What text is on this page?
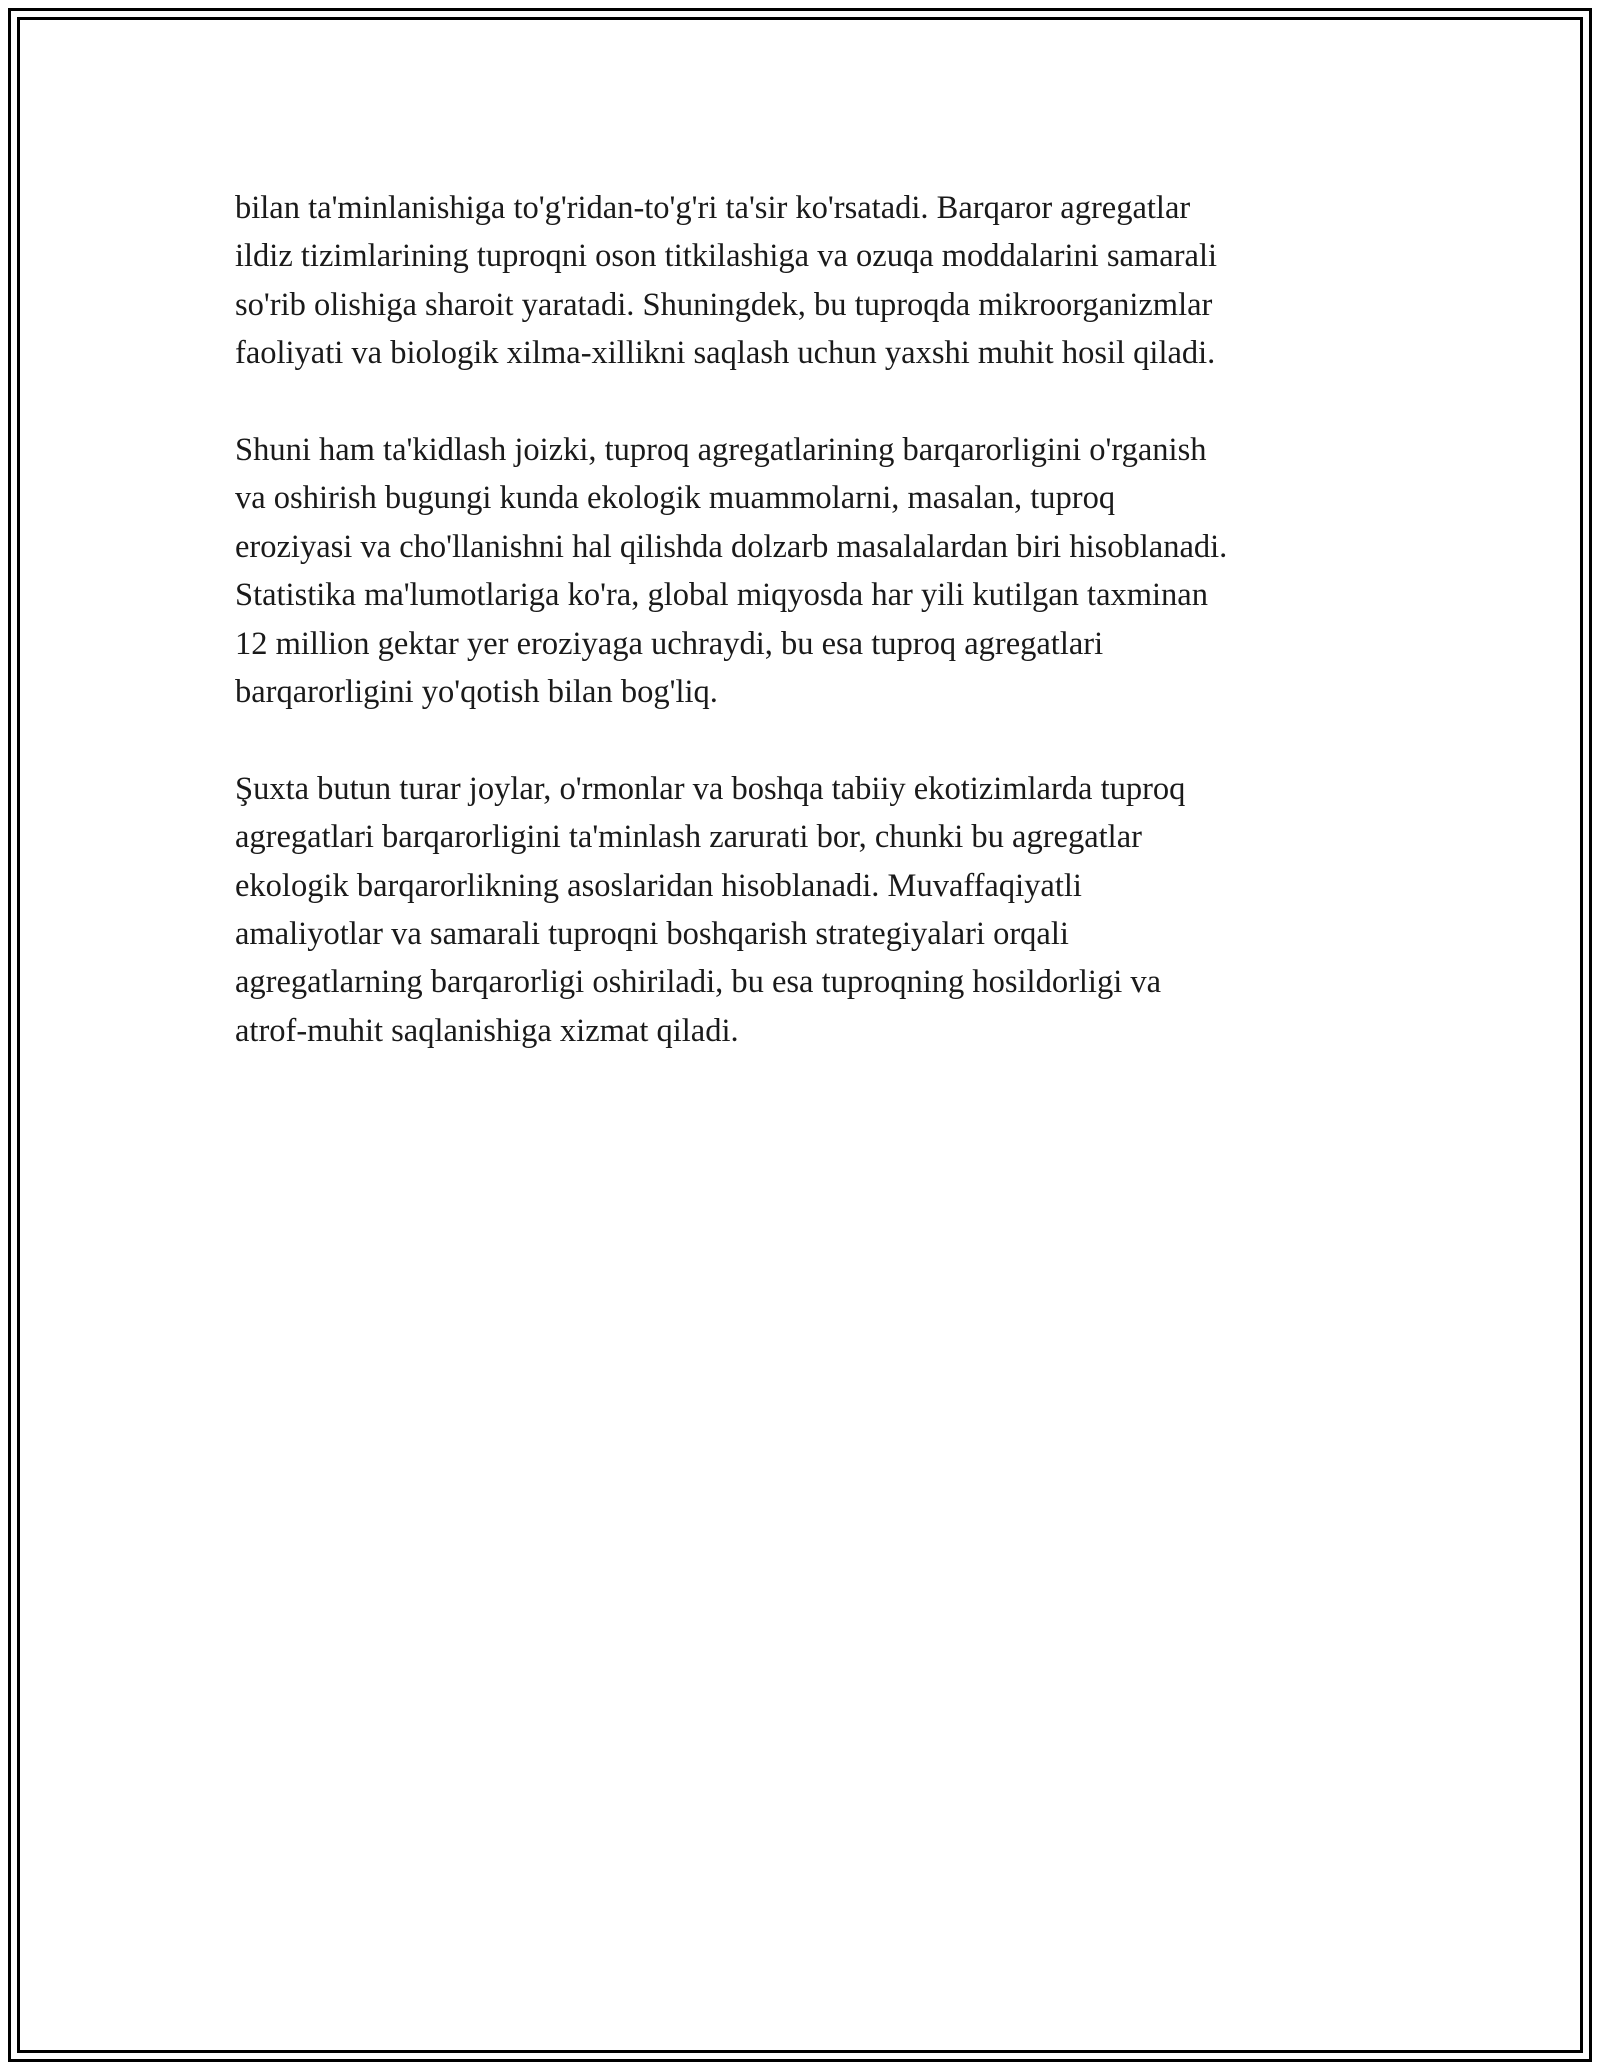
bilan ta'minlanishiga to'g'ridan-to'g'ri ta'sir ko'rsatadi. Barqaror agregatlar
ildiz tizimlarining tuproqni oson titkilashiga va ozuqa moddalarini samarali
so'rib olishiga sharoit yaratadi. Shuningdek, bu tuproqda mikroorganizmlar
faoliyati va biologik xilma-xillikni saqlash uchun yaxshi muhit hosil qiladi.

Shuni ham ta'kidlash joizki, tuproq agregatlarining barqarorligini o'rganish
va oshirish bugungi kunda ekologik muammolarni, masalan, tuproq
eroziyasi va cho'llanishni hal qilishda dolzarb masalalardan biri hisoblanadi.
Statistika ma'lumotlariga ko'ra, global miqyosda har yili kutilgan taxminan
12 million gektar yer eroziyaga uchraydi, bu esa tuproq agregatlari
barqarorligini yo'qotish bilan bog'liq.

Şuxta butun turar joylar, o'rmonlar va boshqa tabiiy ekotizimlarda tuproq
agregatlari barqarorligini ta'minlash zarurati bor, chunki bu agregatlar
ekologik barqarorlikning asoslaridan hisoblanadi. Muvaffaqiyatli
amaliyotlar va samarali tuproqni boshqarish strategiyalari orqali
agregatlarning barqarorligi oshiriladi, bu esa tuproqning hosildorligi va
atrof-muhit saqlanishiga xizmat qiladi.
